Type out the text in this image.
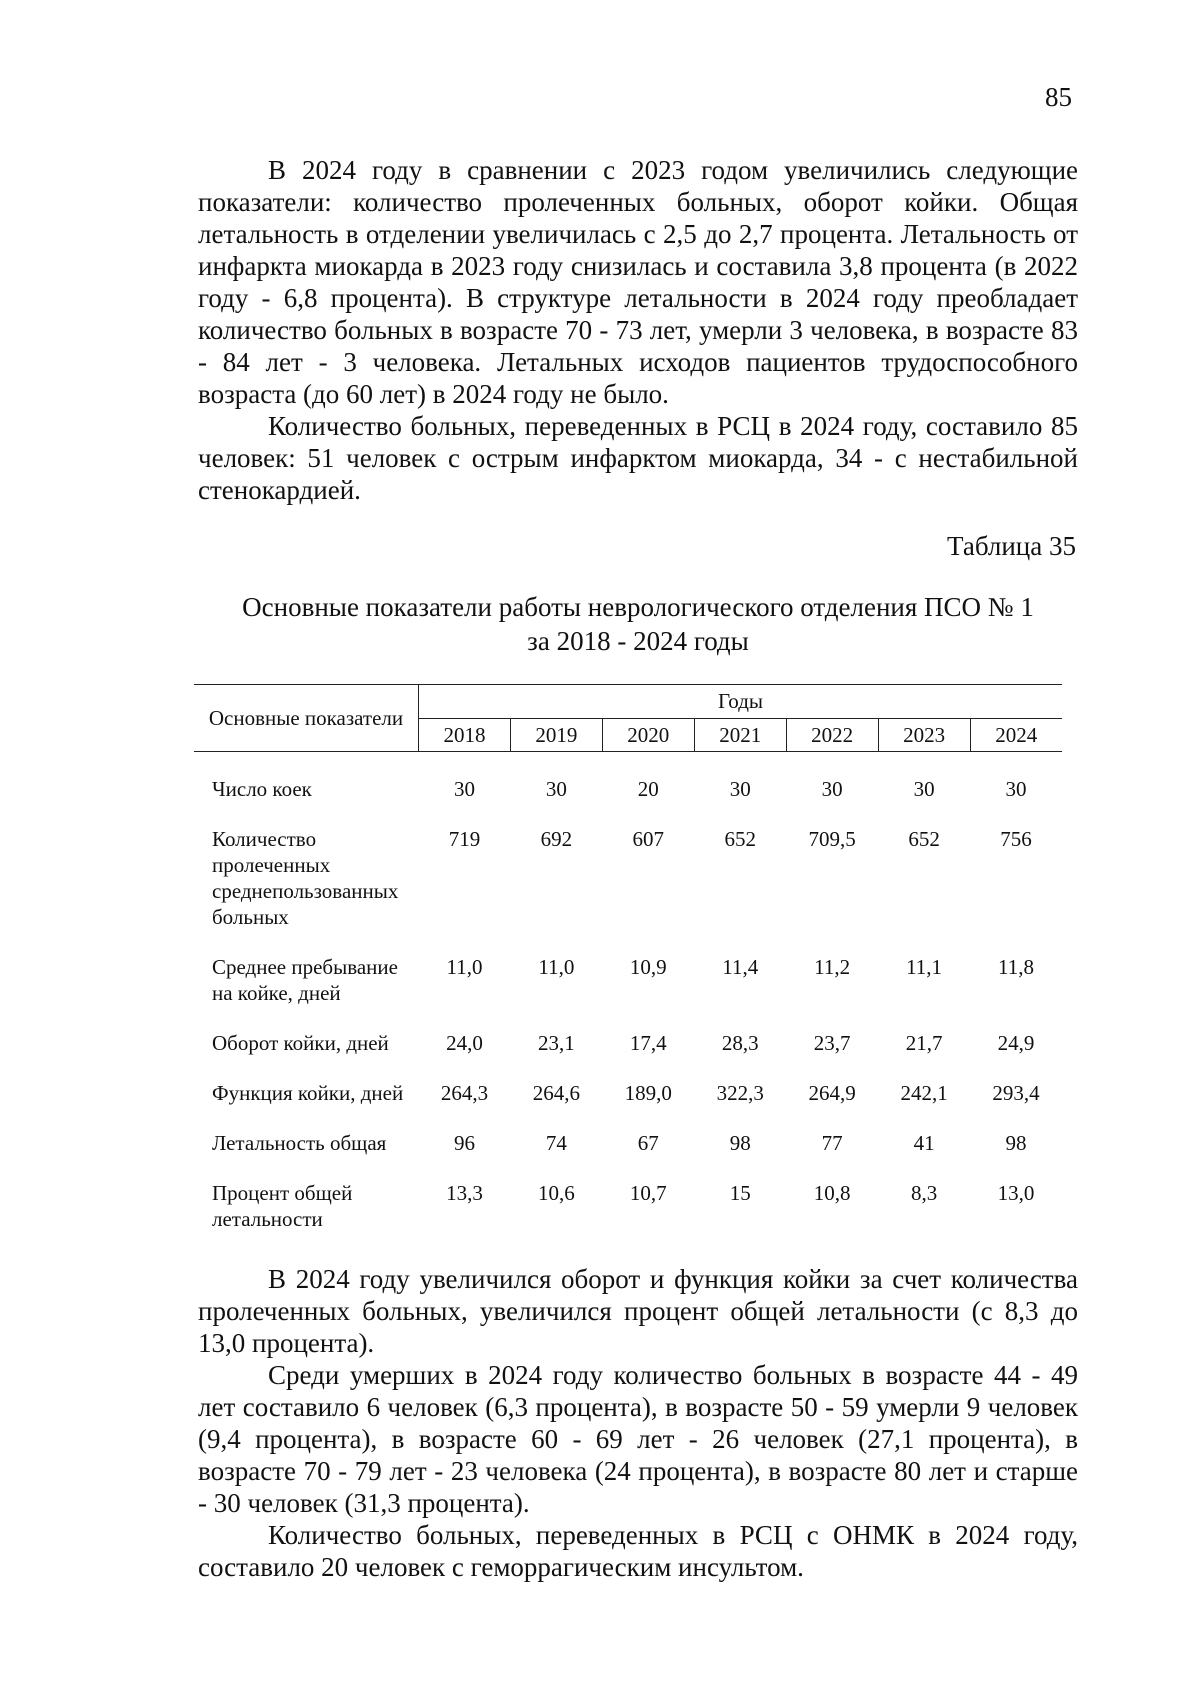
85

В 2024 году в сравнении с 2023 годом увеличились следующие показатели: количество пролеченных больных, оборот койки. Общая летальность в отделении увеличилась с 2,5 до 2,7 процента. Летальность от инфаркта миокарда в 2023 году снизилась и составила 3,8 процента (в 2022 году - 6,8 процента). В структуре летальности в 2024 году преобладает количество больных в возрасте 70 - 73 лет, умерли 3 человека, в возрасте 83 - 84 лет - 3 человека. Летальных исходов пациентов трудоспособного возраста (до 60 лет) в 2024 году не было.

Количество больных, переведенных в РСЦ в 2024 году, составило 85 человек: 51 человек с острым инфарктом миокарда, 34 - с нестабильной стенокардией.

Таблица 35
Основные показатели работы неврологического отделения ПСО № 1
за 2018 - 2024 годы
Основные показатели	Годы						
	2018	2019	2020	2021	2022	2023	2024

Число коек	30	30	20	30	30	30	30
Количество пролеченных среднепользованных больных	719	692	607	652	709,5	652	756
Среднее пребывание на койке, дней	11,0	11,0	10,9	11,4	11,2	11,1	11,8
Оборот койки, дней	24,0	23,1	17,4	28,3	23,7	21,7	24,9
Функция койки, дней	264,3	264,6	189,0	322,3	264,9	242,1	293,4
Летальность общая	96	74	67	98	77	41	98
Процент общей летальности	13,3	10,6	10,7	15	10,8	8,3	13,0

В 2024 году увеличился оборот и функция койки за счет количества пролеченных больных, увеличился процент общей летальности (с 8,3 до 13,0 процента).

Среди умерших в 2024 году количество больных в возрасте 44 - 49 лет составило 6 человек (6,3 процента), в возрасте 50 - 59 умерли 9 человек (9,4 процента), в возрасте 60 - 69 лет - 26 человек (27,1 процента), в возрасте 70 - 79 лет - 23 человека (24 процента), в возрасте 80 лет и старше - 30 человек (31,3 процента).

Количество больных, переведенных в РСЦ с ОНМК в 2024 году, составило 20 человек с геморрагическим инсультом.
